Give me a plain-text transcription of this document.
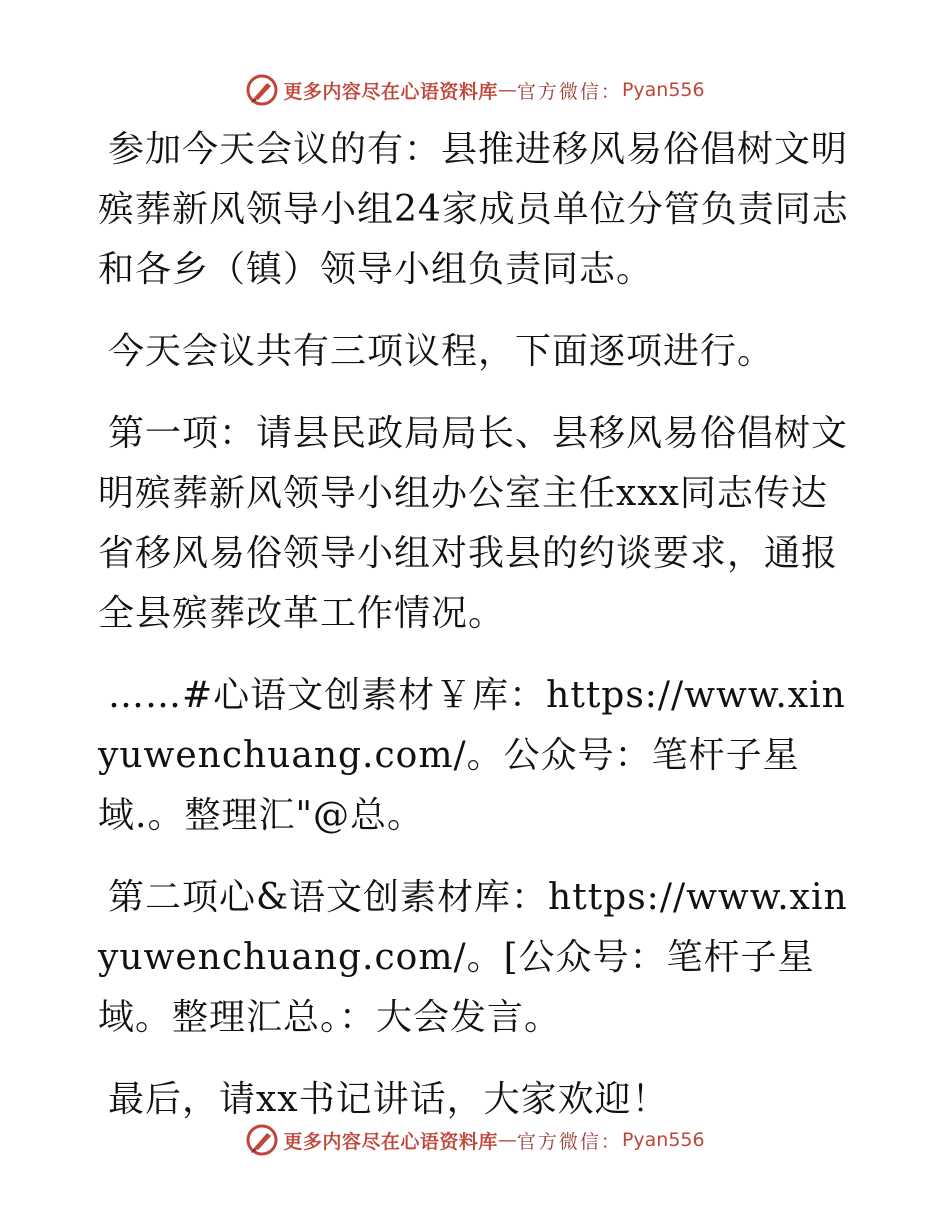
更多内容尽在心语资料库 — 官方微信： Pyan556

参加今天会议的有：县推进移风易俗倡树文明殡葬新风领导小组24家成员单位分管负责同志和各乡（镇）领导小组负责同志。

今天会议共有三项议程，下面逐项进行。

第一项：请县民政局局长、县移风易俗倡树文明殡葬新风领导小组办公室主任xxx同志传达省移风易俗领导小组对我县的约谈要求，通报全县殡葬改革工作情况。

……#心语文创素材￥库：https://www.xinyuwenchuang.com/。公众号：笔杆子星域.。整理汇"@总。

第二项心&语文创素材库：https://www.xinyuwenchuang.com/。[公众号：笔杆子星域。整理汇总。：大会发言。

最后，请xx书记讲话，大家欢迎！

更多内容尽在心语资料库 — 官方微信： Pyan556
